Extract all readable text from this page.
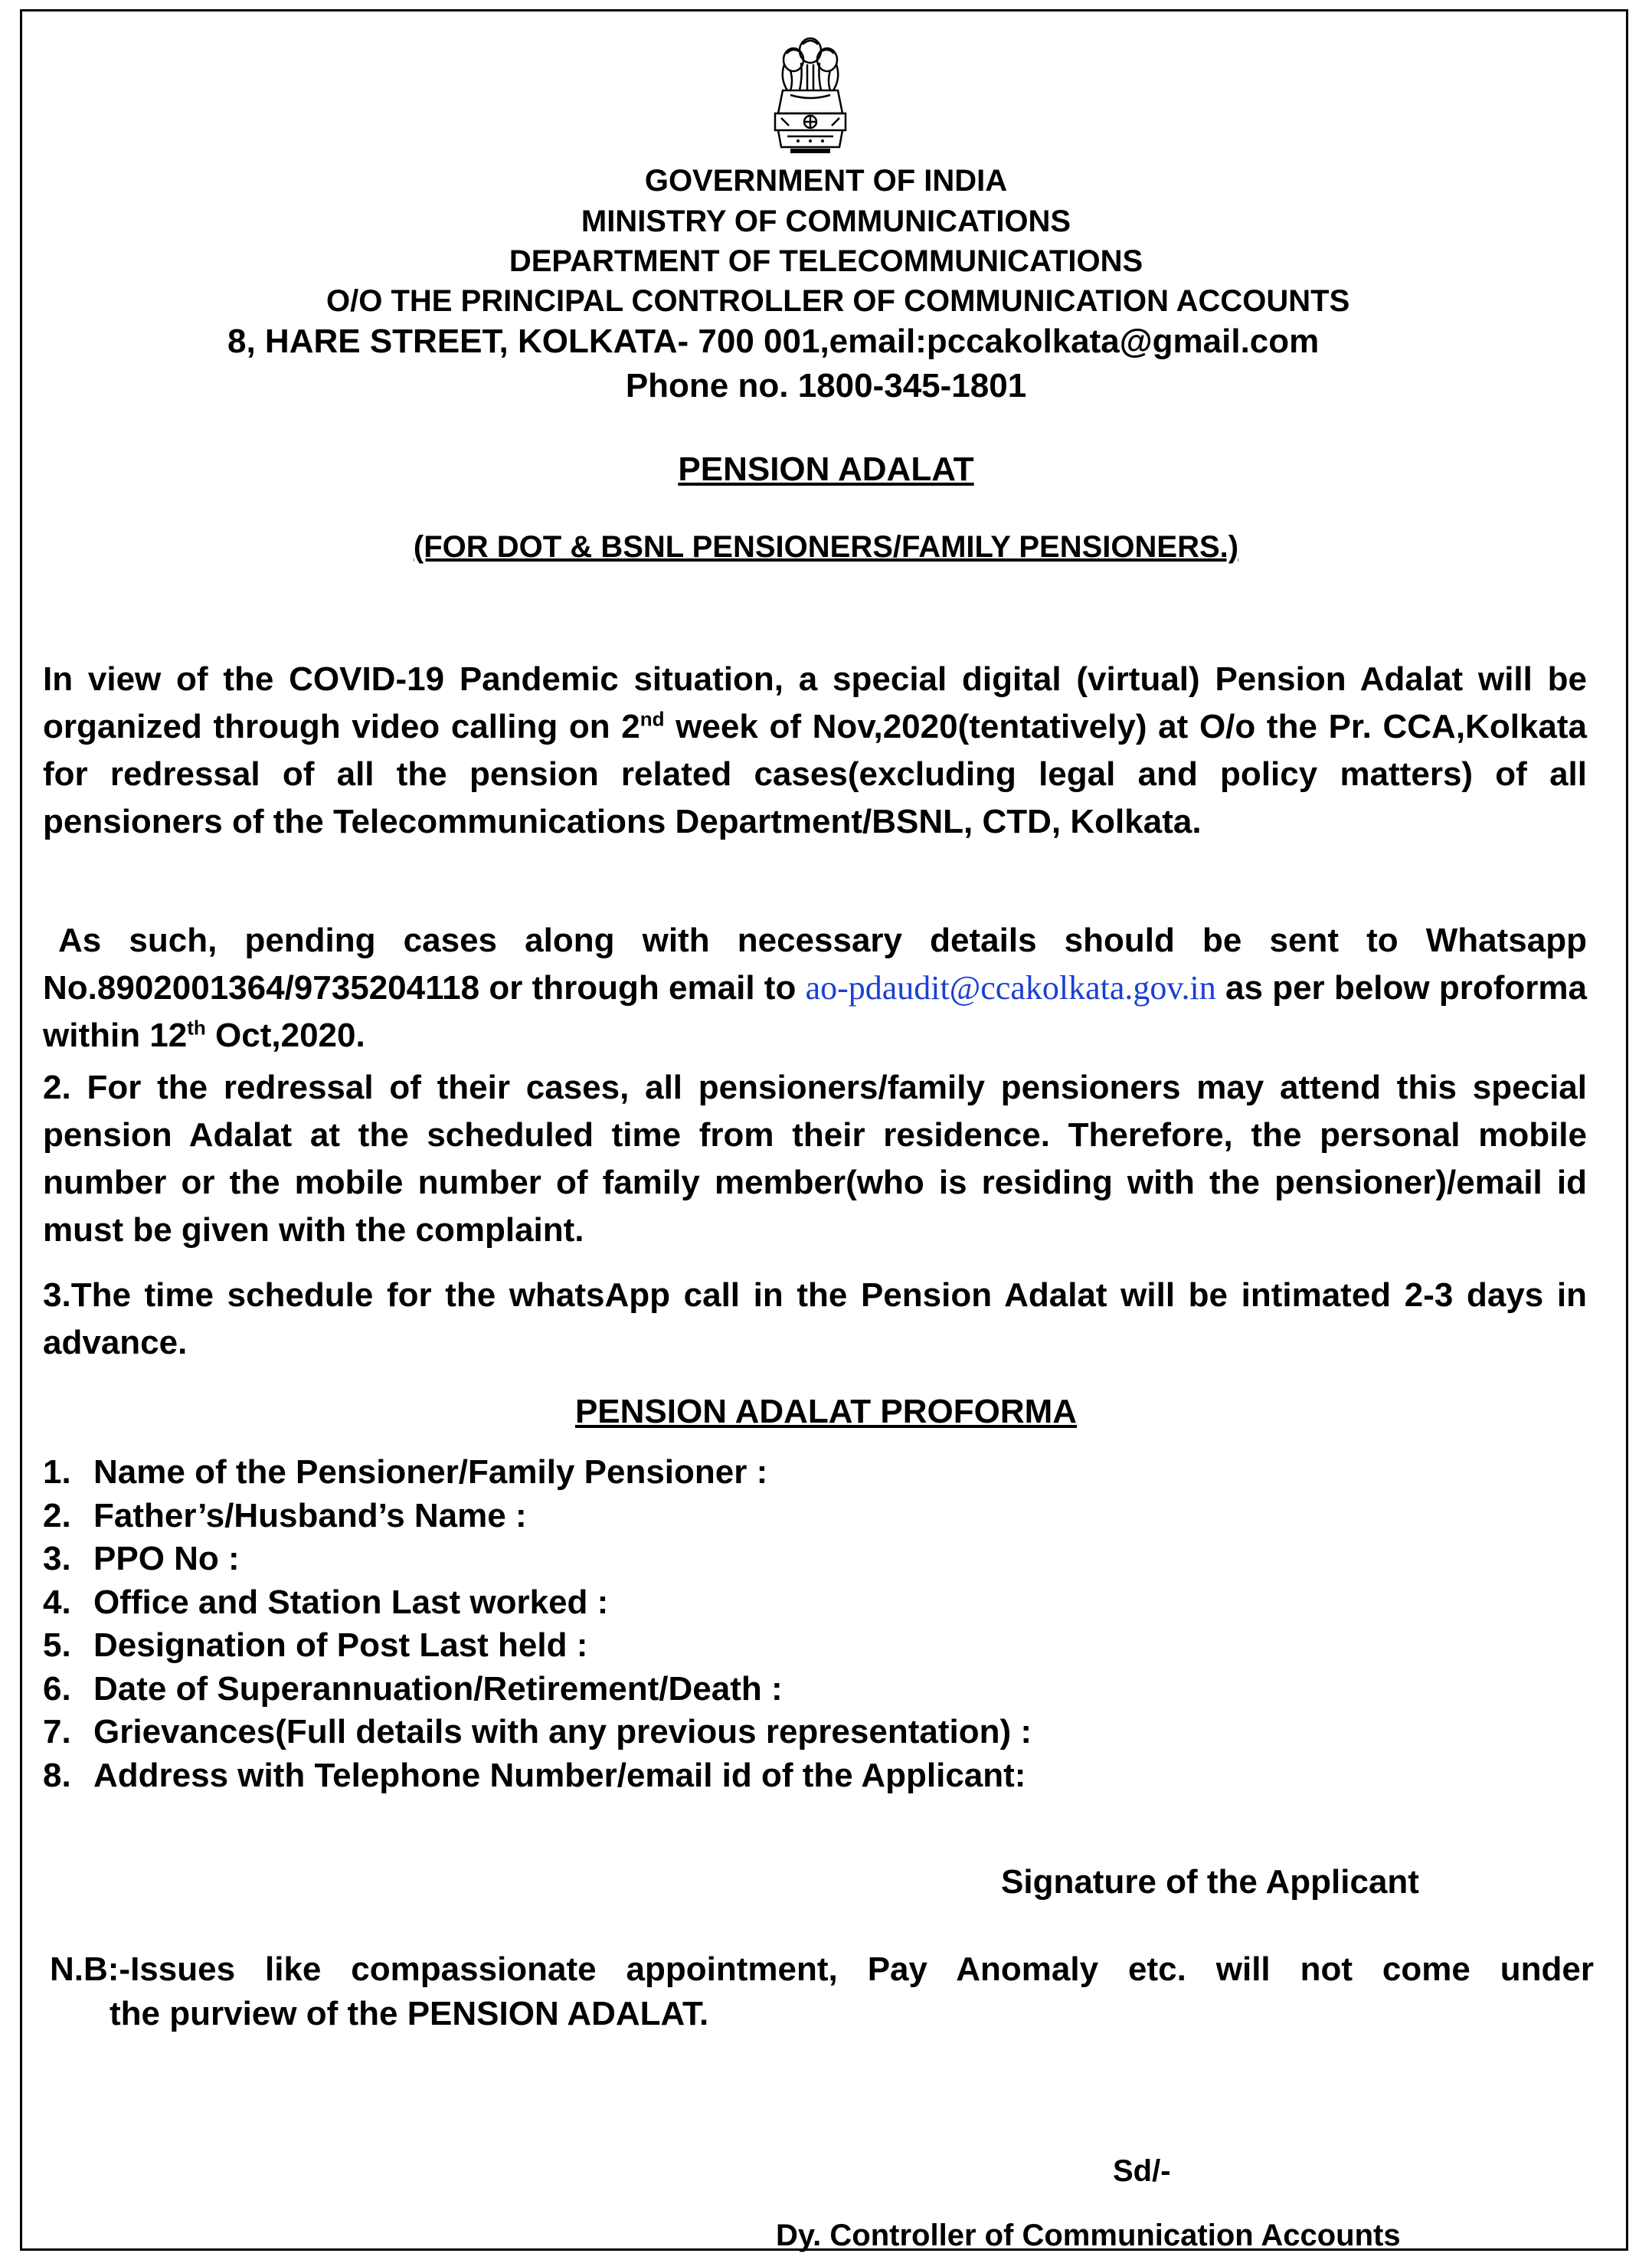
GOVERNMENT OF INDIA
MINISTRY OF COMMUNICATIONS
DEPARTMENT OF TELECOMMUNICATIONS
O/O THE PRINCIPAL CONTROLLER OF COMMUNICATION ACCOUNTS
8, HARE STREET, KOLKATA- 700 001,email:pccakolkata@gmail.com
Phone no. 1800-345-1801
PENSION ADALAT
(FOR DOT & BSNL PENSIONERS/FAMILY PENSIONERS.)
In view of the COVID-19 Pandemic situation, a special digital (virtual) Pension Adalat will be organized through video calling on 2nd week of Nov,2020(tentatively) at O/o the Pr. CCA,Kolkata for redressal of all the pension related cases(excluding legal and policy matters) of all pensioners of the Telecommunications Department/BSNL, CTD, Kolkata.
As such, pending cases along with necessary details should be sent to Whatsapp No.8902001364/9735204118 or through email to ao-pdaudit@ccakolkata.gov.in as per below proforma within 12th Oct,2020.
2. For the redressal of their cases, all pensioners/family pensioners may attend this special pension Adalat at the scheduled time from their residence. Therefore, the personal mobile number or the mobile number of family member(who is residing with the pensioner)/email id must be given with the complaint.
3.The time schedule for the whatsApp call in the Pension Adalat will be intimated 2-3 days in advance.
PENSION ADALAT PROFORMA
1. Name of the Pensioner/Family Pensioner :
2. Father’s/Husband’s Name :
3. PPO No :
4. Office and Station Last worked :
5. Designation of Post Last held :
6. Date of Superannuation/Retirement/Death :
7. Grievances(Full details with any previous representation) :
8. Address with Telephone Number/email id of the Applicant:
Signature of the Applicant
N.B:-Issues like compassionate appointment, Pay Anomaly etc. will not come under
the purview of the PENSION ADALAT.
Sd/-
Dy. Controller of Communication Accounts
